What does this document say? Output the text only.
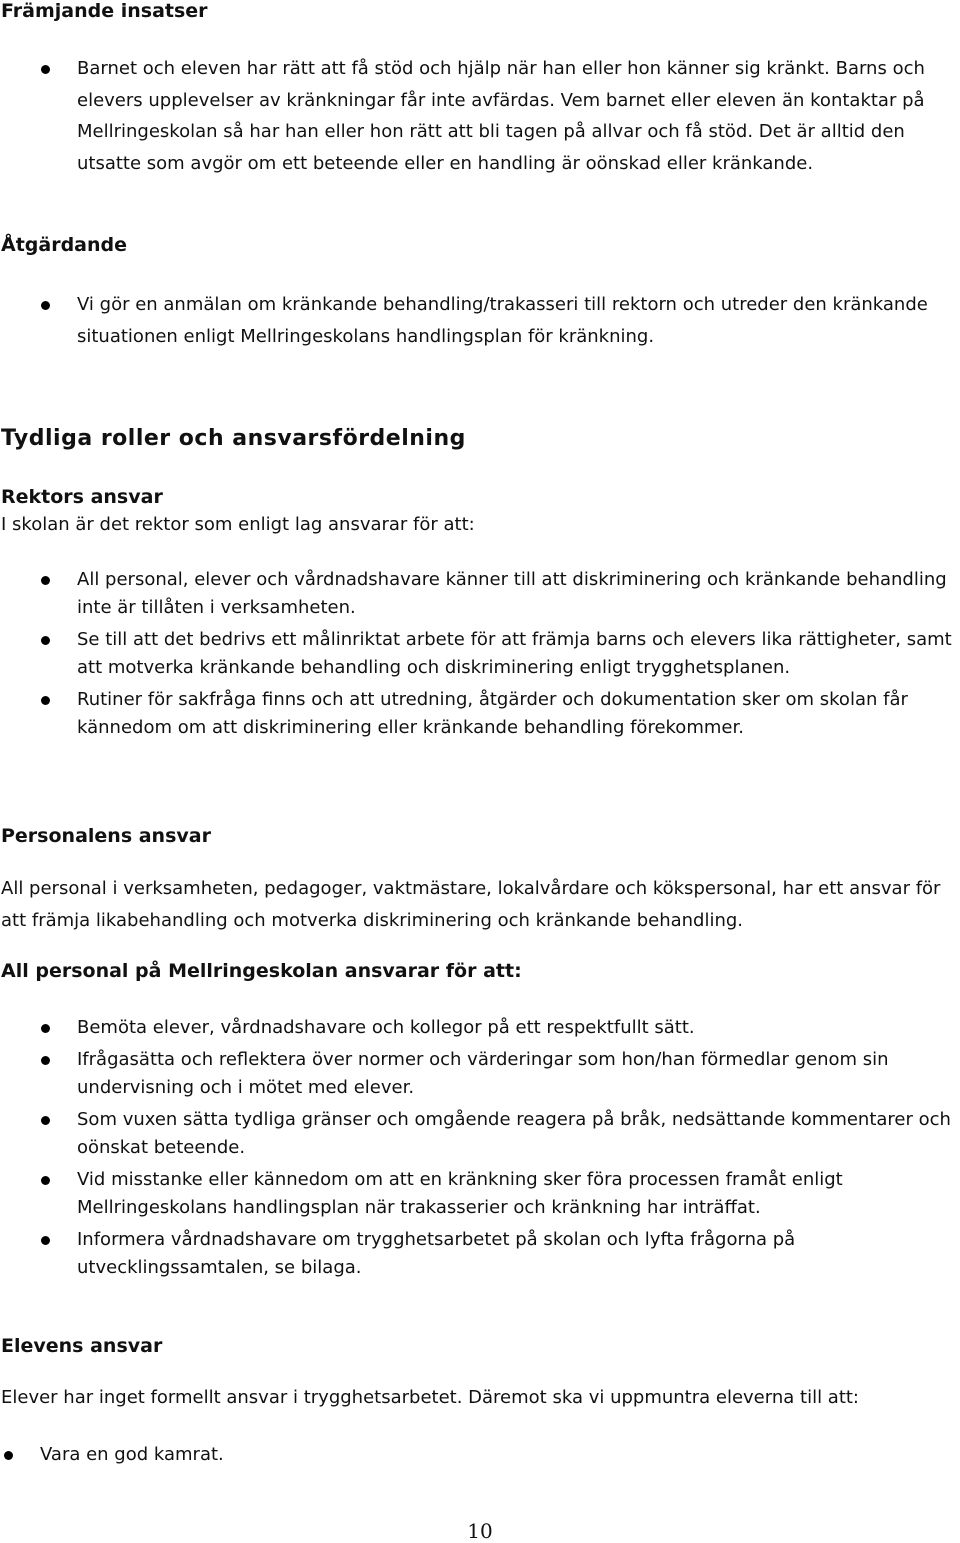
Främjande insatser
Barnet och eleven har rätt att få stöd och hjälp när han eller hon känner sig kränkt. Barns och elevers upplevelser av kränkningar får inte avfärdas. Vem barnet eller eleven än kontaktar på Mellringeskolan så har han eller hon rätt att bli tagen på allvar och få stöd. Det är alltid den utsatte som avgör om ett beteende eller en handling är oönskad eller kränkande.
Åtgärdande
Vi gör en anmälan om kränkande behandling/trakasseri till rektorn och utreder den kränkande situationen enligt Mellringeskolans handlingsplan för kränkning.
Tydliga roller och ansvarsfördelning
Rektors ansvar
I skolan är det rektor som enligt lag ansvarar för att:
All personal, elever och vårdnadshavare känner till att diskriminering och kränkande behandling inte är tillåten i verksamheten.
Se till att det bedrivs ett målinriktat arbete för att främja barns och elevers lika rättigheter, samt att motverka kränkande behandling och diskriminering enligt trygghetsplanen.
Rutiner för sakfråga finns och att utredning, åtgärder och dokumentation sker om skolan får kännedom om att diskriminering eller kränkande behandling förekommer.
Personalens ansvar
All personal i verksamheten, pedagoger, vaktmästare, lokalvårdare och kökspersonal, har ett ansvar för att främja likabehandling och motverka diskriminering och kränkande behandling.
All personal på Mellringeskolan ansvarar för att:
Bemöta elever, vårdnadshavare och kollegor på ett respektfullt sätt.
Ifrågasätta och reflektera över normer och värderingar som hon/han förmedlar genom sin undervisning och i mötet med elever.
Som vuxen sätta tydliga gränser och omgående reagera på bråk, nedsättande kommentarer och oönskat beteende.
Vid misstanke eller kännedom om att en kränkning sker föra processen framåt enligt Mellringeskolans handlingsplan när trakasserier och kränkning har inträffat.
Informera vårdnadshavare om trygghetsarbetet på skolan och lyfta frågorna på utvecklingssamtalen, se bilaga.
Elevens ansvar
Elever har inget formellt ansvar i trygghetsarbetet. Däremot ska vi uppmuntra eleverna till att:
Vara en god kamrat.
10
